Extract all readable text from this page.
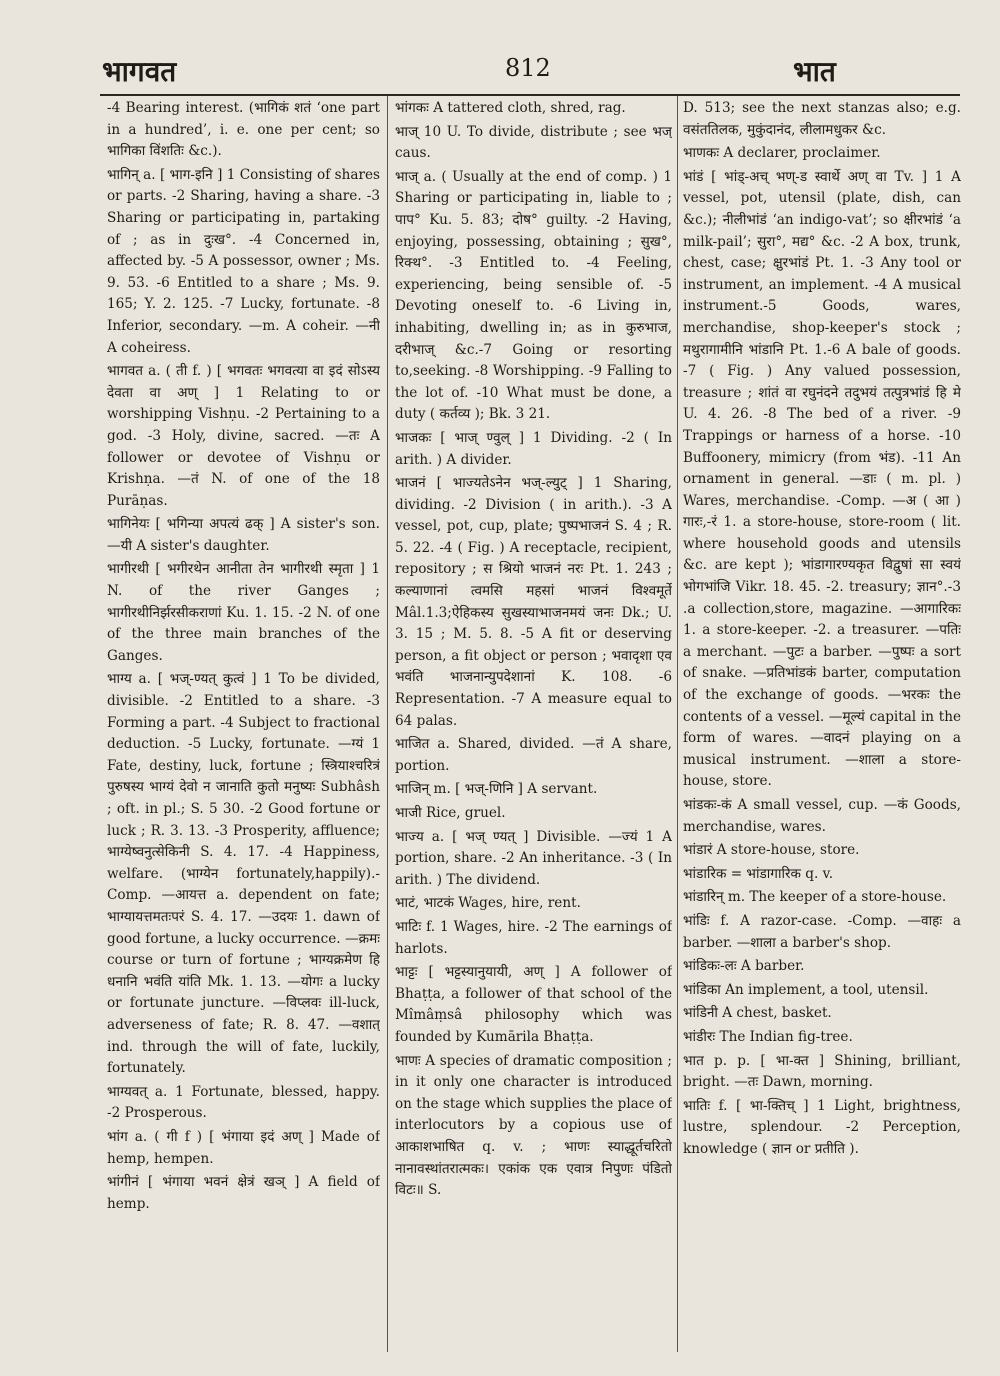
भागवत	812	भात

-4 Bearing interest. (भागिकं शतं ‘one part in a hundred’, i. e. one per cent; so भागिका विंशतिः &c.).

भागिन् a. [ भाग-इनि ] 1 Consisting of shares or parts. -2 Sharing, having a share. -3 Sharing or participating in, partaking of ; as in दुःख°. -4 Concerned in, affected by. -5 A possessor, owner ; Ms. 9. 53. -6 Entitled to a share ; Ms. 9. 165; Y. 2. 125. -7 Lucky, fortunate. -8 Inferior, secondary. —m. A coheir. —नी A coheiress.

भागवत a. ( ती f. ) [ भगवतः भगवत्या वा इदं सोऽस्य देवता वा अण् ] 1 Relating to or worshipping Vishṇu. -2 Pertaining to a god. -3 Holy, divine, sacred. —तः A follower or devotee of Vishṇu or Krishṇa. —तं N. of one of the 18 Purāṇas.

भागिनेयः [ भगिन्या अपत्यं ढक् ] A sister's son. —यी A sister's daughter.

भागीरथी [ भगीरथेन आनीता तेन भागीरथी स्मृता ] 1 N. of the river Ganges ; भागीरथीनिर्झरसीकराणां Ku. 1. 15. -2 N. of one of the three main branches of the Ganges.

भाग्य a. [ भज्-ण्यत् कुत्वं ] 1 To be divided, divisible. -2 Entitled to a share. -3 Forming a part. -4 Subject to fractional deduction. -5 Lucky, fortunate. —ग्यं 1 Fate, destiny, luck, fortune ; स्त्रियाश्चरित्रं पुरुषस्य भाग्यं देवो न जानाति कुतो मनुष्यः Subhâsh ; oft. in pl.; S. 5 30. -2 Good fortune or luck ; R. 3. 13. -3 Prosperity, affluence; भाग्येष्वनुत्सेकिनी S. 4. 17. -4 Happiness, welfare. (भाग्येन fortunately,happily).-Comp. —आयत्त a. dependent on fate; भाग्यायत्तमतःपरं S. 4. 17. —उदयः 1. dawn of good fortune, a lucky occurrence. —क्रमः course or turn of fortune ; भाग्यक्रमेण हि धनानि भवंति यांति Mk. 1. 13. —योगः a lucky or fortunate juncture. —विप्लवः ill-luck, adverseness of fate; R. 8. 47. —वशात् ind. through the will of fate, luckily, fortunately.

भाग्यवत् a. 1 Fortunate, blessed, happy. -2 Prosperous.

भांग a. ( गी f ) [ भंगाया इदं अण् ] Made of hemp, hempen.

भांगीनं [ भंगाया भवनं क्षेत्रं खञ् ] A field of hemp.

भांगकः A tattered cloth, shred, rag.

भाज् 10 U. To divide, distribute ; see भज् caus.

भाज् a. ( Usually at the end of comp. ) 1 Sharing or participating in, liable to ; पाप° Ku. 5. 83; दोष° guilty. -2 Having, enjoying, possessing, obtaining ; सुख°, रिक्थ°. -3 Entitled to. -4 Feeling, experiencing, being sensible of. -5 Devoting oneself to. -6 Living in, inhabiting, dwelling in; as in कुरुभाज, दरीभाज् &c.-7 Going or resorting to,seeking. -8 Worshipping. -9 Falling to the lot of. -10 What must be done, a duty ( कर्तव्य ); Bk. 3 21.

भाजकः [ भाज् ण्वुल् ] 1 Dividing. -2 ( In arith. ) A divider.

भाजनं [ भाज्यतेऽनेन भज्-ल्युट् ] 1 Sharing, dividing. -2 Division ( in arith.). -3 A vessel, pot, cup, plate; पुष्पभाजनं S. 4 ; R. 5. 22. -4 ( Fig. ) A receptacle, recipient, repository ; स श्रियो भाजनं नरः Pt. 1. 243 ; कल्याणानां त्वमसि महसां भाजनं विश्वमूर्ते Mâl.1.3;ऐहिकस्य सुखस्याभाजनमयं जनः Dk.; U. 3. 15 ; M. 5. 8. -5 A fit or deserving person, a fit object or person ; भवादृशा एव भवंति भाजनान्युपदेशानां K. 108. -6 Representation. -7 A measure equal to 64 palas.

भाजित a. Shared, divided. —तं A share, portion.

भाजिन् m. [ भज्-णिनि ] A servant.

भाजी Rice, gruel.

भाज्य a. [ भज् ण्यत् ] Divisible. —ज्यं 1 A portion, share. -2 An inheritance. -3 ( In arith. ) The dividend.

भाटं, भाटकं Wages, hire, rent.

भाटिः f. 1 Wages, hire. -2 The earnings of harlots.

भाट्टः [ भट्टस्यानुयायी, अण् ] A follower of Bhaṭṭa, a follower of that school of the Mîmâṃsâ philosophy which was founded by Kumārila Bhaṭṭa.

भाणः A species of dramatic composition ; in it only one character is introduced on the stage which supplies the place of interlocutors by a copious use of आकाशभाषित q. v. ; भाणः स्याद्धूर्तचरितो नानावस्थांतरात्मकः। एकांक एक एवात्र निपुणः पंडितो विटः॥ S.

D. 513; see the next stanzas also; e.g. वसंततिलक, मुकुंदानंद, लीलामधुकर &c.

भाणकः A declarer, proclaimer.

भांडं [ भांड्-अच् भण्-ड स्वार्थे अण् वा Tv. ] 1 A vessel, pot, utensil (plate, dish, can &c.); नीलीभांडं ‘an indigo-vat’; so क्षीरभांडं ‘a milk-pail’; सुरा°, मद्य° &c. -2 A box, trunk, chest, case; क्षुरभांडं Pt. 1. -3 Any tool or instrument, an implement. -4 A musical instrument.-5 Goods, wares, merchandise, shop-keeper's stock ; मथुरागामीनि भांडानि Pt. 1.-6 A bale of goods. -7 ( Fig. ) Any valued possession, treasure ; शांतं वा रघुनंदने तदुभयं तत्पुत्रभांडं हि मे U. 4. 26. -8 The bed of a river. -9 Trappings or harness of a horse. -10 Buffoonery, mimicry (from भंड). -11 An ornament in general. —डाः ( m. pl. ) Wares, merchandise. -Comp. —अ ( आ ) गारः,-रं 1. a store-house, store-room ( lit. where household goods and utensils &c. are kept ); भांडागारण्यकृत विद्वुषां सा स्वयं भोगभांजि Vikr. 18. 45. -2. treasury; ज्ञान°.-3 .a collection,store, magazine. —आगारिकः 1. a store-keeper. -2. a treasurer. —पतिः a merchant. —पुटः a barber. —पुष्पः a sort of snake. —प्रतिभांडकं barter, computation of the exchange of goods. —भरकः the contents of a vessel. —मूल्यं capital in the form of wares. —वादनं playing on a musical instrument. —शाला a store-house, store.

भांडकः-कं A small vessel, cup. —कं Goods, merchandise, wares.

भांडारं A store-house, store.

भांडारिक = भांडागारिक q. v.

भांडारिन् m. The keeper of a store-house.

भांडिः f. A razor-case. -Comp. —वाहः a barber. —शाला a barber's shop.

भांडिकः-लः A barber.

भांडिका An implement, a tool, utensil.

भांडिनी A chest, basket.

भांडीरः The Indian fig-tree.

भात p. p. [ भा-क्त ] Shining, brilliant, bright. —तः Dawn, morning.

भातिः f. [ भा-क्तिच् ] 1 Light, brightness, lustre, splendour. -2 Perception, knowledge ( ज्ञान or प्रतीति ).
